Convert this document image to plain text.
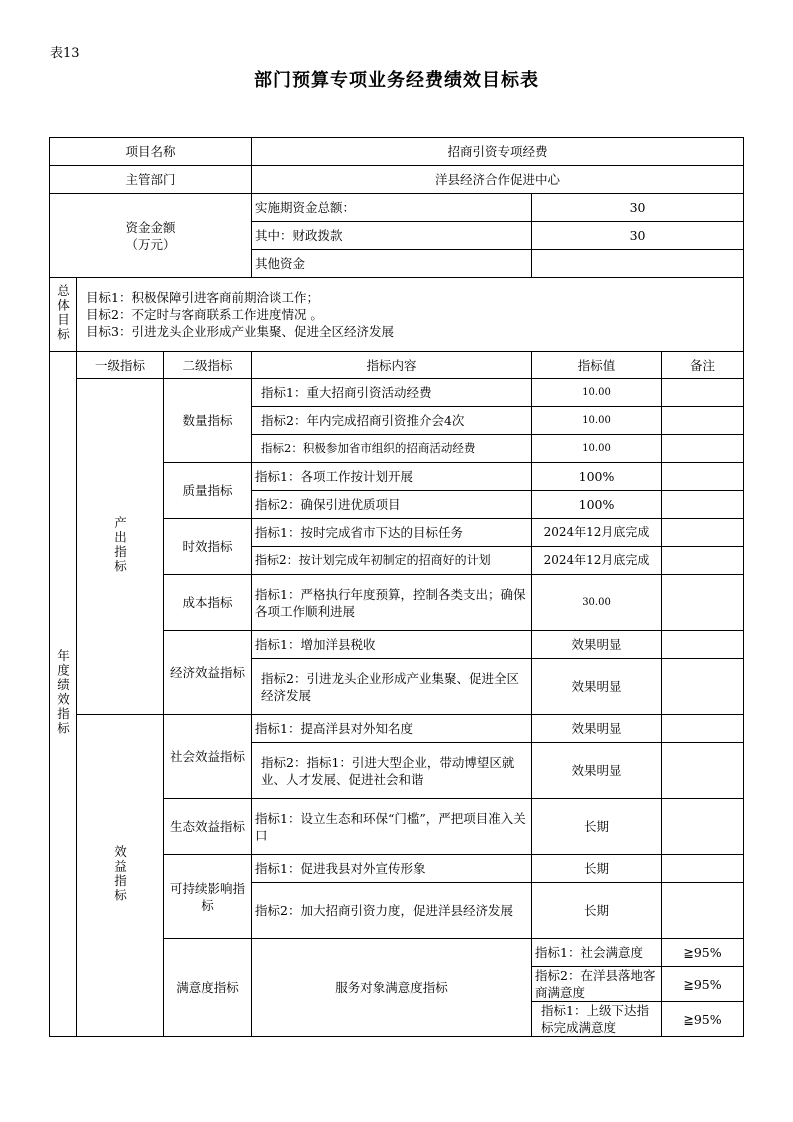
表13
部门预算专项业务经费绩效目标表
项目名称			招商引资专项经费			
主管部门			洋县经济合作促进中心			

资金金额
（万元）			实施期资金总额：	30		
			其中：财政拨款	30		
			其他资金			
总体目标	目标1：积极保障引进客商前期洽谈工作；
目标2：不定时与客商联系工作进度情况 。
目标3：引进龙头企业形成产业集聚、促进全区经济发展					

年度绩效指标	一级指标	二级指标	指标内容	指标值	备注	
	产出指标	数量指标	指标1：重大招商引资活动经费	10.00		
			指标2：年内完成招商引资推介会4次	10.00		
			指标2：积极参加省市组织的招商活动经费	10.00		
		质量指标	指标1：各项工作按计划开展	100%		
			指标2：确保引进优质项目	100%		
		时效指标	指标1：按时完成省市下达的目标任务	2024年12月底完成		
			指标2：按计划完成年初制定的招商好的计划	2024年12月底完成		
		成本指标	指标1：严格执行年度预算，控制各类支出；确保各项工作顺利进展	30.00		
		经济效益指标	指标1：增加洋县税收	效果明显		
			指标2：引进龙头企业形成产业集聚、促进全区经济发展	效果明显		
	效益指标	社会效益指标	指标1：提高洋县对外知名度	效果明显		
			指标2：指标1：引进大型企业，带动博望区就业、人才发展、促进社会和谐	效果明显		
		生态效益指标	指标1：设立生态和环保“门槛”，严把项目准入关口	长期		
		可持续影响指标	指标1：促进我县对外宣传形象	长期		
			指标2：加大招商引资力度，促进洋县经济发展	长期		
		满意度指标	服务对象满意度指标	指标1：社会满意度	≧95%	
				指标2：在洋县落地客商满意度	≧95%	
				指标1：上级下达指标完成满意度	≧95%	
